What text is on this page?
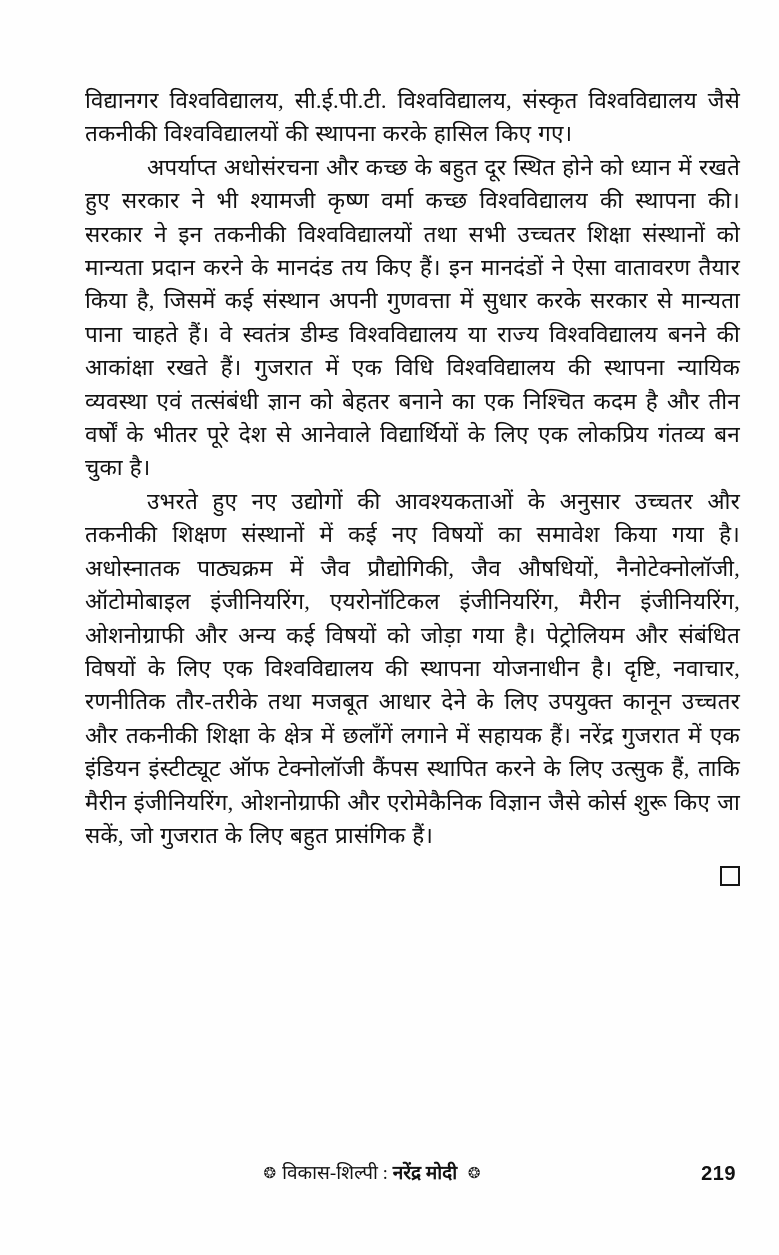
विद्यानगर विश्वविद्यालय, सी.ई.पी.टी. विश्वविद्यालय, संस्कृत विश्वविद्यालय जैसे तकनीकी विश्वविद्यालयों की स्थापना करके हासिल किए गए।

अपर्याप्त अधोसंरचना और कच्छ के बहुत दूर स्थित होने को ध्यान में रखते हुए सरकार ने भी श्यामजी कृष्ण वर्मा कच्छ विश्वविद्यालय की स्थापना की। सरकार ने इन तकनीकी विश्वविद्यालयों तथा सभी उच्चतर शिक्षा संस्थानों को मान्यता प्रदान करने के मानदंड तय किए हैं। इन मानदंडों ने ऐसा वातावरण तैयार किया है, जिसमें कई संस्थान अपनी गुणवत्ता में सुधार करके सरकार से मान्यता पाना चाहते हैं। वे स्वतंत्र डीम्ड विश्वविद्यालय या राज्य विश्वविद्यालय बनने की आकांक्षा रखते हैं। गुजरात में एक विधि विश्वविद्यालय की स्थापना न्यायिक व्यवस्था एवं तत्संबंधी ज्ञान को बेहतर बनाने का एक निश्चित कदम है और तीन वर्षों के भीतर पूरे देश से आनेवाले विद्यार्थियों के लिए एक लोकप्रिय गंतव्य बन चुका है।

उभरते हुए नए उद्योगों की आवश्यकताओं के अनुसार उच्चतर और तकनीकी शिक्षण संस्थानों में कई नए विषयों का समावेश किया गया है। अधोस्नातक पाठ्यक्रम में जैव प्रौद्योगिकी, जैव औषधियों, नैनोटेक्नोलॉजी, ऑटोमोबाइल इंजीनियरिंग, एयरोनॉटिकल इंजीनियरिंग, मैरीन इंजीनियरिंग, ओशनोग्राफी और अन्य कई विषयों को जोड़ा गया है। पेट्रोलियम और संबंधित विषयों के लिए एक विश्वविद्यालय की स्थापना योजनाधीन है। दृष्टि, नवाचार, रणनीतिक तौर-तरीके तथा मजबूत आधार देने के लिए उपयुक्त कानून उच्चतर और तकनीकी शिक्षा के क्षेत्र में छलाँगें लगाने में सहायक हैं। नरेंद्र गुजरात में एक इंडियन इंस्टीट्यूट ऑफ टेक्नोलॉजी कैंपस स्थापित करने के लिए उत्सुक हैं, ताकि मैरीन इंजीनियरिंग, ओशनोग्राफी और एरोमेकैनिक विज्ञान जैसे कोर्स शुरू किए जा सकें, जो गुजरात के लिए बहुत प्रासंगिक हैं।

❂ विकास-शिल्पी : नरेंद्र मोदी ❂	219
